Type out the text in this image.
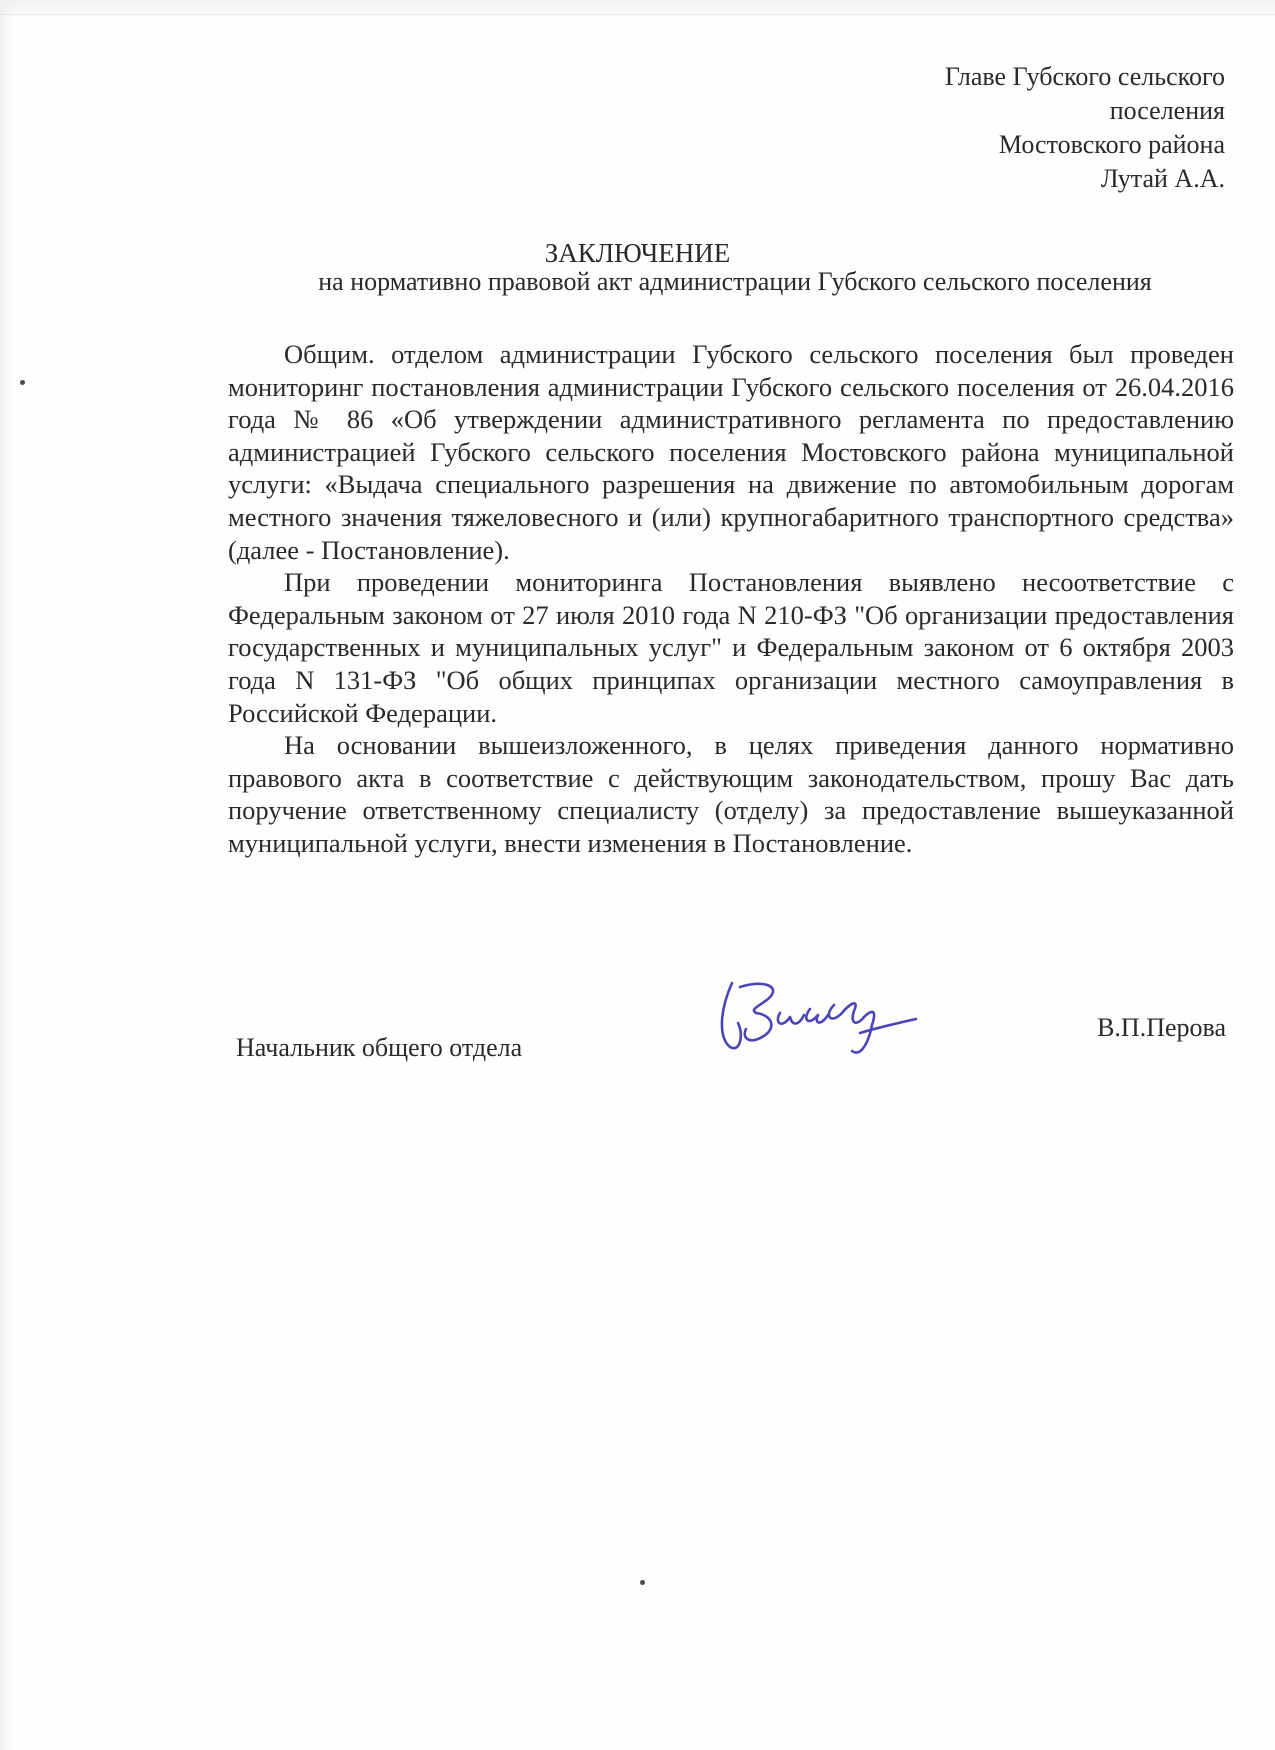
Главе Губского сельского
поселения
Мостовского района
Лутай А.А.
ЗАКЛЮЧЕНИЕ
на нормативно правовой акт администрации Губского сельского поселения

Общим. отделом администрации Губского сельского поселения был проведен мониторинг постановления администрации Губского сельского поселения от 26.04.2016 года № 86 «Об утверждении административного регламента по предоставлению администрацией Губского сельского поселения Мостовского района муниципальной услуги: «Выдача специального разрешения на движение по автомобильным дорогам местного значения тяжеловесного и (или) крупногабаритного транспортного средства» (далее - Постановление).

При проведении мониторинга Постановления выявлено несоответствие с Федеральным законом от 27 июля 2010 года N 210-ФЗ "Об организации предоставления государственных и муниципальных услуг" и Федеральным законом от 6 октября 2003 года N 131-ФЗ "Об общих принципах организации местного самоуправления в Российской Федерации.

На основании вышеизложенного, в целях приведения данного нормативно правового акта в соответствие с действующим законодательством, прошу Вас дать поручение ответственному специалисту (отделу) за предоставление вышеуказанной муниципальной услуги, внести изменения в Постановление.

Начальник общего отдела
В.П.Перова
